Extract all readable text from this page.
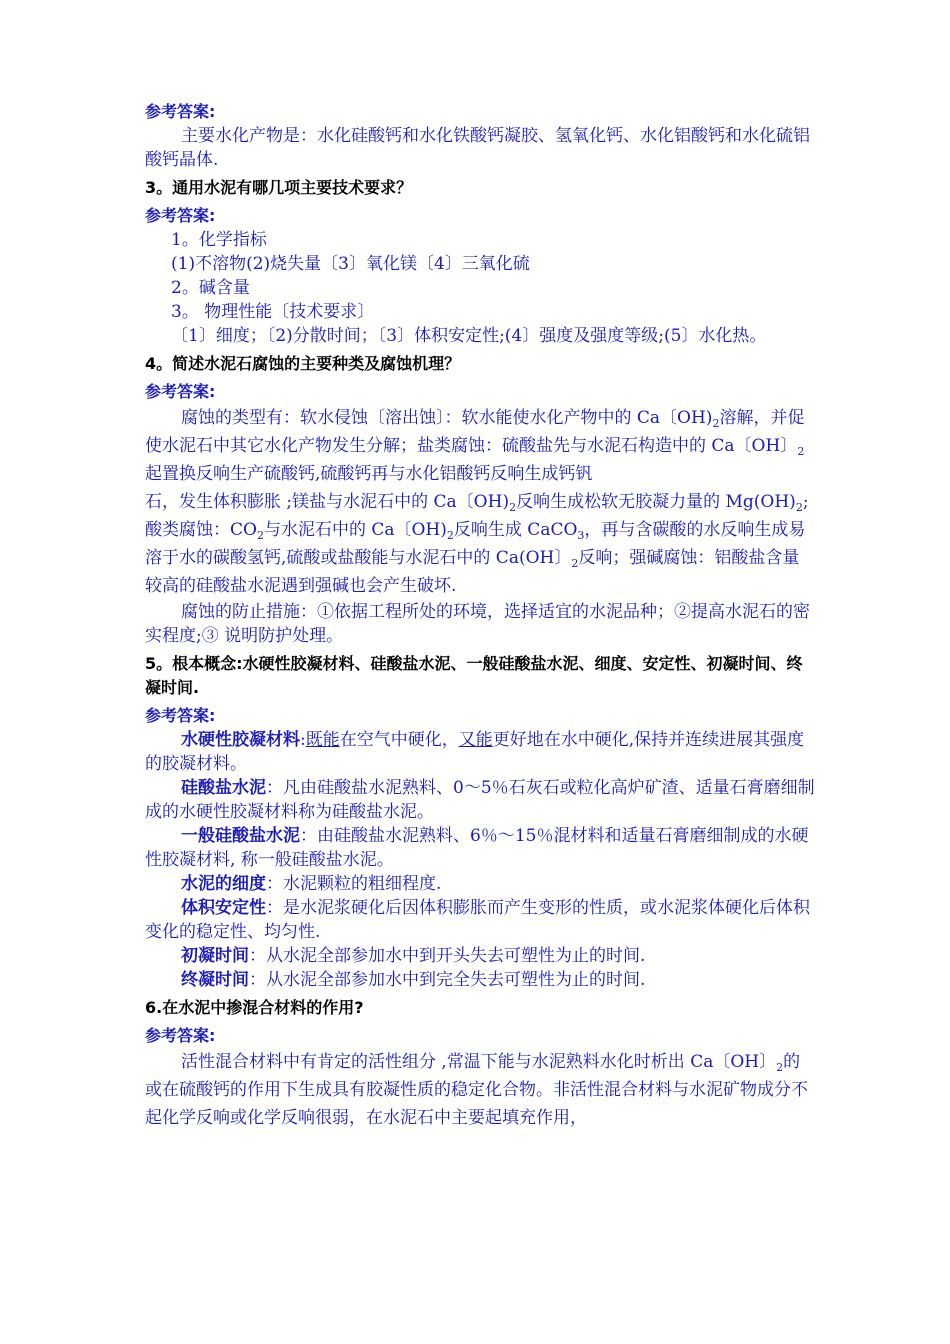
参考答案:

主要水化产物是：水化硅酸钙和水化铁酸钙凝胶、氢氧化钙、水化铝酸钙和水化硫铝酸钙晶体.

3。通用水泥有哪几项主要技术要求？

参考答案:

1。化学指标

(1)不溶物(2)烧失量〔3〕氧化镁〔4〕三氧化硫

2。碱含量

3。 物理性能〔技术要求〕

〔1〕细度；〔2)分散时间；〔3〕体积安定性;(4〕强度及强度等级;(5〕水化热。

4。简述水泥石腐蚀的主要种类及腐蚀机理？

参考答案:

腐蚀的类型有：软水侵蚀〔溶出蚀〕：软水能使水化产物中的 Ca〔$OH)_2$溶解，并促使水泥石中其它水化产物发生分解；盐类腐蚀：硫酸盐先与水泥石构造中的 Ca〔OH〕$_2$起置换反响生产硫酸钙,硫酸钙再与水化铝酸钙反响生成钙钒

石，发生体积膨胀 ;镁盐与水泥石中的 Ca〔$OH)_2$反响生成松软无胶凝力量的 $Mg(OH)_2$;酸类腐蚀：$CO_2$与水泥石中的 Ca〔$OH)_2$反响生成 CaCO$_3$，再与含碳酸的水反响生成易溶于水的碳酸氢钙,硫酸或盐酸能与水泥石中的 Ca(OH〕$_2$反响；强碱腐蚀：铝酸盐含量较高的硅酸盐水泥遇到强碱也会产生破坏.

腐蚀的防止措施：①依据工程所处的环境，选择适宜的水泥品种；②提高水泥石的密实程度;③ 说明防护处理。

5。根本概念:水硬性胶凝材料、硅酸盐水泥、一般硅酸盐水泥、细度、安定性、初凝时间、终凝时间.

参考答案:

水硬性胶凝材料:既能在空气中硬化，又能更好地在水中硬化,保持并连续进展其强度的胶凝材料。

硅酸盐水泥：凡由硅酸盐水泥熟料、0～5％石灰石或粒化高炉矿渣、适量石膏磨细制成的水硬性胶凝材料称为硅酸盐水泥。

一般硅酸盐水泥：由硅酸盐水泥熟料、6％～15％混材料和适量石膏磨细制成的水硬性胶凝材料, 称一般硅酸盐水泥。

水泥的细度：水泥颗粒的粗细程度.

体积安定性：是水泥浆硬化后因体积膨胀而产生变形的性质，或水泥浆体硬化后体积变化的稳定性、均匀性.

初凝时间：从水泥全部参加水中到开头失去可塑性为止的时间.

终凝时间：从水泥全部参加水中到完全失去可塑性为止的时间.

6.在水泥中掺混合材料的作用?

参考答案:

活性混合材料中有肯定的活性组分 ,常温下能与水泥熟料水化时析出 Ca〔OH〕$_2$的或在硫酸钙的作用下生成具有胶凝性质的稳定化合物。非活性混合材料与水泥矿物成分不起化学反响或化学反响很弱，在水泥石中主要起填充作用，
